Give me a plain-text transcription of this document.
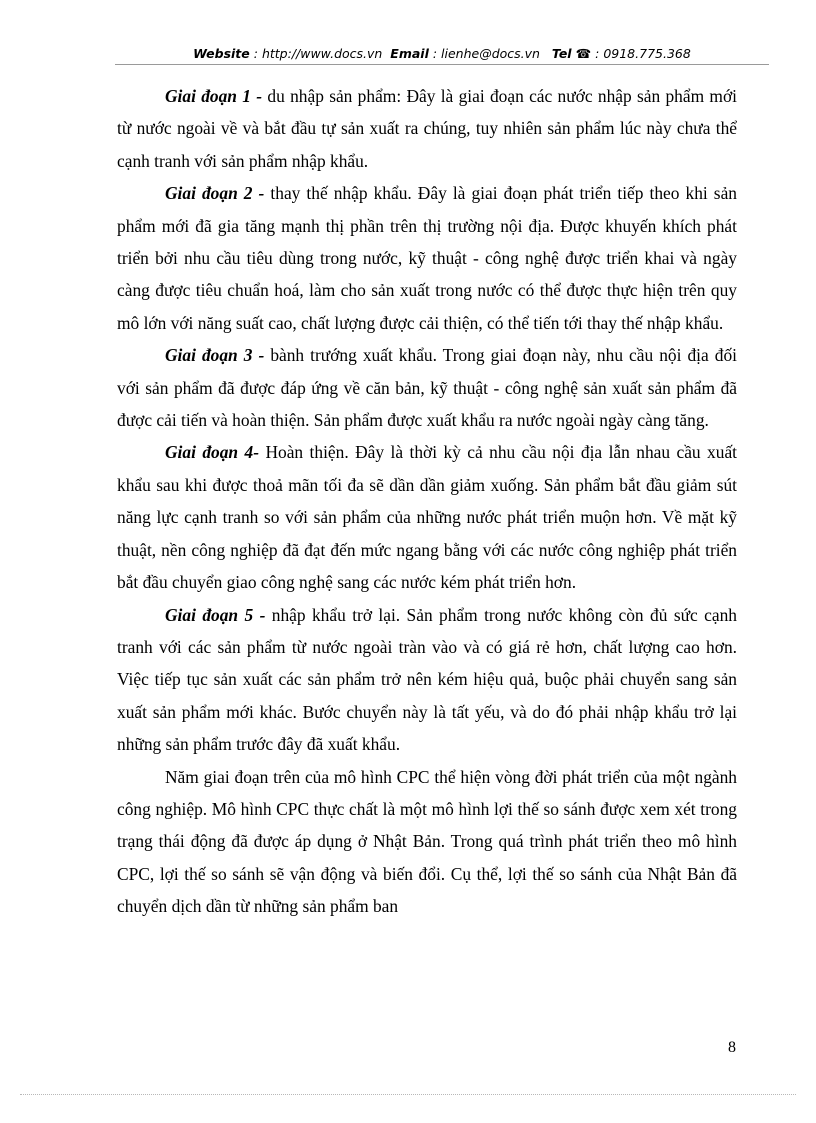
Website : http://www.docs.vn Email : lienhe@docs.vn Tel ☎ : 0918.775.368

Giai đoạn 1 - du nhập sản phẩm: Đây là giai đoạn các nước nhập sản phẩm mới từ nước ngoài về và bắt đầu tự sản xuất ra chúng, tuy nhiên sản phẩm lúc này chưa thể cạnh tranh với sản phẩm nhập khẩu.

Giai đoạn 2 - thay thế nhập khẩu. Đây là giai đoạn phát triển tiếp theo khi sản phẩm mới đã gia tăng mạnh thị phần trên thị trường nội địa. Được khuyến khích phát triển bởi nhu cầu tiêu dùng trong nước, kỹ thuật - công nghệ được triển khai và ngày càng được tiêu chuẩn hoá, làm cho sản xuất trong nước có thể được thực hiện trên quy mô lớn với năng suất cao, chất lượng được cải thiện, có thể tiến tới thay thế nhập khẩu.

Giai đoạn 3 - bành trướng xuất khẩu. Trong giai đoạn này, nhu cầu nội địa đối với sản phẩm đã được đáp ứng về căn bản, kỹ thuật - công nghệ sản xuất sản phẩm đã được cải tiến và hoàn thiện. Sản phẩm được xuất khẩu ra nước ngoài ngày càng tăng.

Giai đoạn 4- Hoàn thiện. Đây là thời kỳ cả nhu cầu nội địa lẫn nhau cầu xuất khẩu sau khi được thoả mãn tối đa sẽ dần dần giảm xuống. Sản phẩm bắt đầu giảm sút năng lực cạnh tranh so với sản phẩm của những nước phát triển muộn hơn. Về mặt kỹ thuật, nền công nghiệp đã đạt đến mức ngang bằng với các nước công nghiệp phát triển bắt đầu chuyển giao công nghệ sang các nước kém phát triển hơn.

Giai đoạn 5 - nhập khẩu trở lại. Sản phẩm trong nước không còn đủ sức cạnh tranh với các sản phẩm từ nước ngoài tràn vào và có giá rẻ hơn, chất lượng cao hơn. Việc tiếp tục sản xuất các sản phẩm trở nên kém hiệu quả, buộc phải chuyển sang sản xuất sản phẩm mới khác. Bước chuyển này là tất yếu, và do đó phải nhập khẩu trở lại những sản phẩm trước đây đã xuất khẩu.

Năm giai đoạn trên của mô hình CPC thể hiện vòng đời phát triển của một ngành công nghiệp. Mô hình CPC thực chất là một mô hình lợi thế so sánh được xem xét trong trạng thái động đã được áp dụng ở Nhật Bản. Trong quá trình phát triển theo mô hình CPC, lợi thế so sánh sẽ vận động và biến đổi. Cụ thể, lợi thế so sánh của Nhật Bản đã chuyển dịch dần từ những sản phẩm ban

8
